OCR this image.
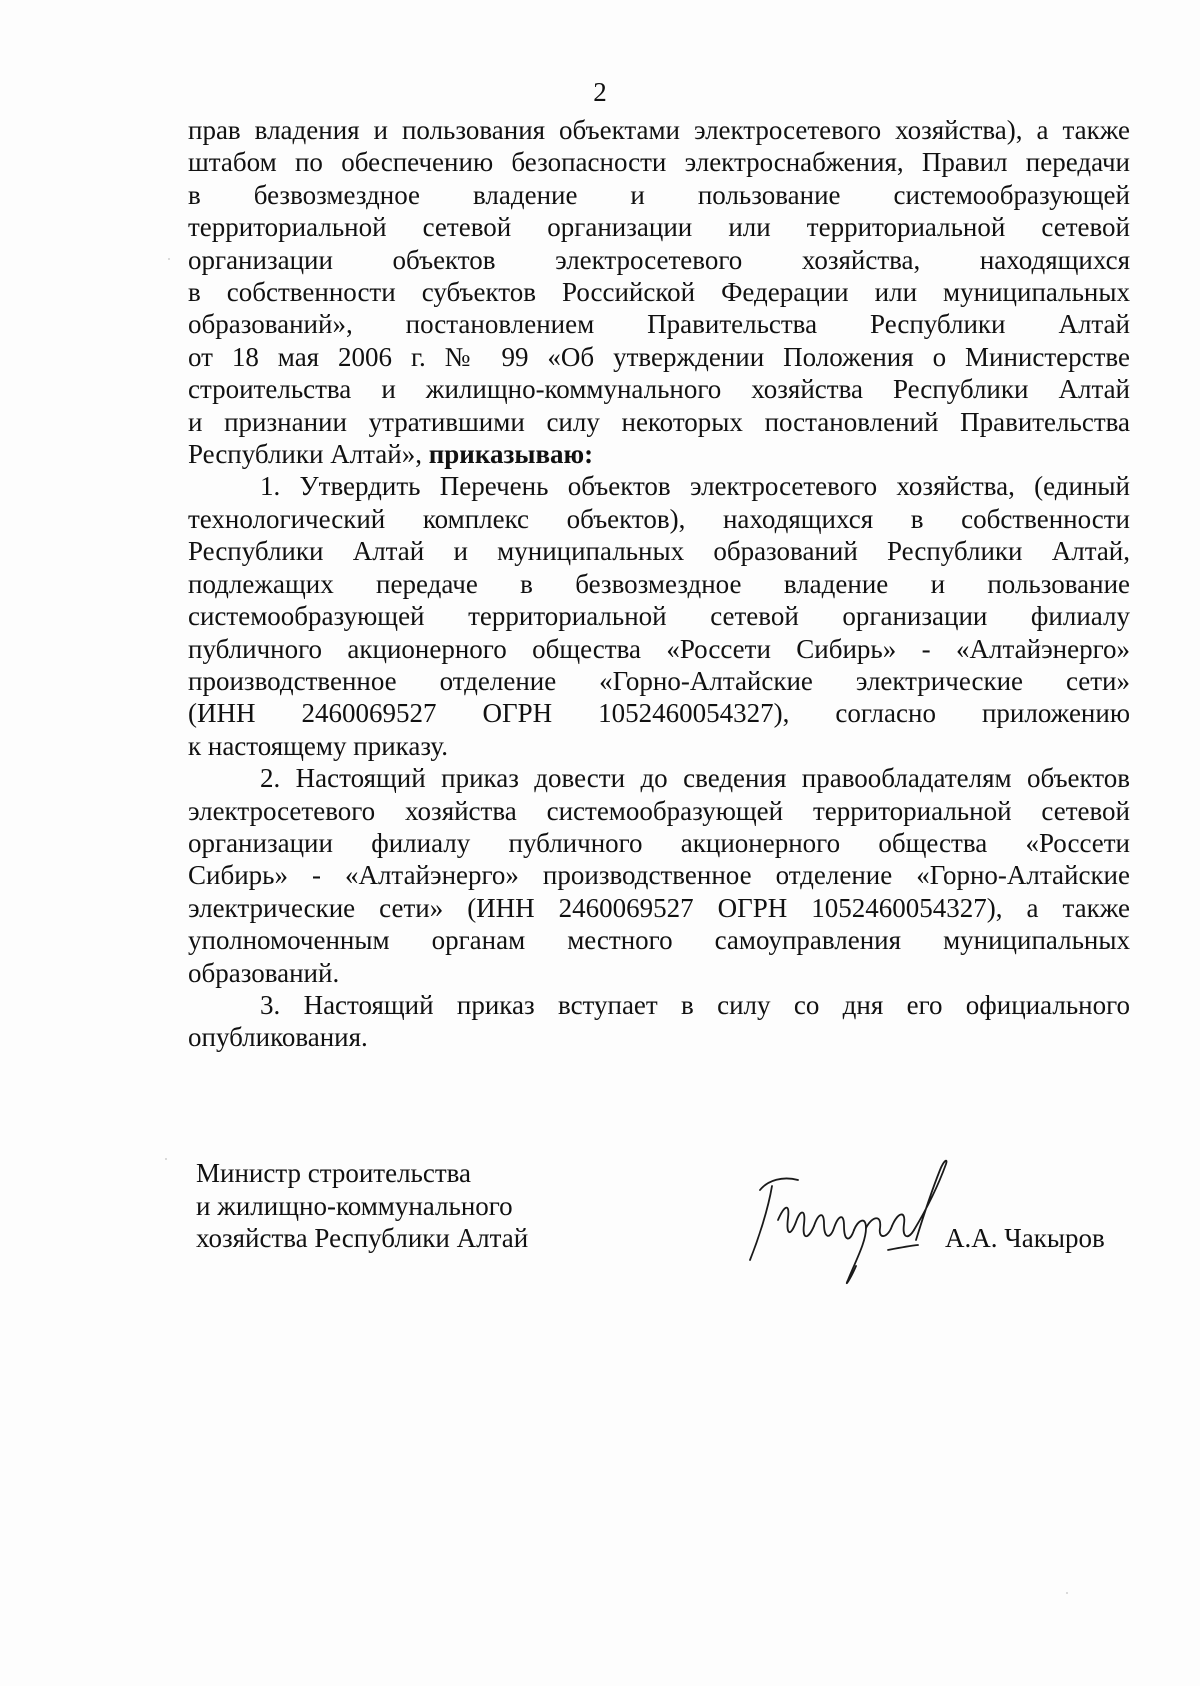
2

прав владения и пользования объектами электросетевого хозяйства), а также
штабом по обеспечению безопасности электроснабжения, Правил передачи
в безвозмездное владение и пользование системообразующей
территориальной сетевой организации или территориальной сетевой
организации объектов электросетевого хозяйства, находящихся
в собственности субъектов Российской Федерации или муниципальных
образований», постановлением Правительства Республики Алтай
от 18 мая 2006 г. № 99 «Об утверждении Положения о Министерстве
строительства и жилищно-коммунального хозяйства Республики Алтай
и признании утратившими силу некоторых постановлений Правительства
Республики Алтай», приказываю:

1. Утвердить Перечень объектов электросетевого хозяйства, (единый
технологический комплекс объектов), находящихся в собственности
Республики Алтай и муниципальных образований Республики Алтай,
подлежащих передаче в безвозмездное владение и пользование
системообразующей территориальной сетевой организации филиалу
публичного акционерного общества «Россети Сибирь» - «Алтайэнерго»
производственное отделение «Горно-Алтайские электрические сети»
(ИНН 2460069527 ОГРН 1052460054327), согласно приложению
к настоящему приказу.

2. Настоящий приказ довести до сведения правообладателям объектов
электросетевого хозяйства системообразующей территориальной сетевой
организации филиалу публичного акционерного общества «Россети
Сибирь» - «Алтайэнерго» производственное отделение «Горно-Алтайские
электрические сети» (ИНН 2460069527 ОГРН 1052460054327), а также
уполномоченным органам местного самоуправления муниципальных
образований.

3. Настоящий приказ вступает в силу со дня его официального
опубликования.

Министр строительства
и жилищно-коммунального
хозяйства Республики Алтай	А.А. Чакыров
